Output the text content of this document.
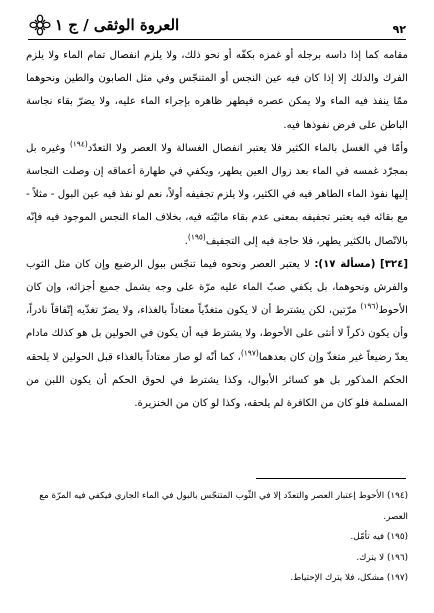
العروة الوثقى / ج ١	٩٢

مقامه كما إذا داسه برجله أو غمزه بكفّه أو نحو ذلك، ولا يلزم انفصال تمام الماء ولا يلزم الفرك والدلك إلا إذا كان فيه عين النجس أو المتنجّس وفي مثل الصابون والطين ونحوهما ممّا ينفذ فيه الماء ولا يمكن عصره فيطهر ظاهره بإجراء الماء عليه، ولا يضرّ بقاء نجاسة الباطن على فرض نفوذها فيه.

وأمّا في الغسل بالماء الكثير فلا يعتبر انفصال الغسالة ولا العصر ولا التعدّد$^{(١٩٤)}$ وغيره بل بمجرّد غمسه في الماء بعد زوال العين يطهر، ويكفي في طهارة أعماقه إن وصلت النجاسة إليها نفوذ الماء الطاهر فيه في الكثير، ولا يلزم تجفيفه أولاً، نعم لو نفذ فيه عين البول - مثلاً - مع بقائه فيه يعتبر تجفيفه بمعنى عدم بقاء مائيّته فيه، بخلاف الماء النجس الموجود فيه فإنّه بالاتّصال بالكثير يطهر، فلا حاجة فيه إلى التجفيف$^{(١٩٥)}$.

[٣٢٤] (مسألة ١٧): لا يعتبر العصر ونحوه فيما تنجّس ببول الرضيع وإن كان مثل الثوب والفرش ونحوهما، بل يكفي صبّ الماء عليه مرّة على وجه يشمل جميع أجزائه، وإن كان الأحوط$^{(١٩٦)}$ مرّتين، لكن يشترط أن لا يكون متغذّياً معتاداً بالغذاء، ولا يضرّ تغذّيه إتّفاقاً نادراً، وأن يكون ذكراً لا أنثى على الأحوط، ولا يشترط فيه أن يكون في الحولين بل هو كذلك مادام يعدّ رضيعاً غير متغذّ وإن كان بعدهما$^{(١٩٧)}$، كما أنّه لو صار معتاداً بالغذاء قبل الحولين لا يلحقه الحكم المذكور بل هو كسائر الأبوال، وكذا يشترط في لحوق الحكم أن يكون اللبن من المسلمة فلو كان من الكافرة لم يلحقه، وكذا لو كان من الخنزيرة.

(١٩٤) الأحوط إعتبار العصر والتعدّد إلا في الثّوب المتنجّس بالبول في الماء الجاري فيكفي فيه المرّة مع العصر.

(١٩٥) فيه تأمّل.

(١٩٦) لا يترك.

(١٩٧) مشكل، فلا يترك الإحتياط.
